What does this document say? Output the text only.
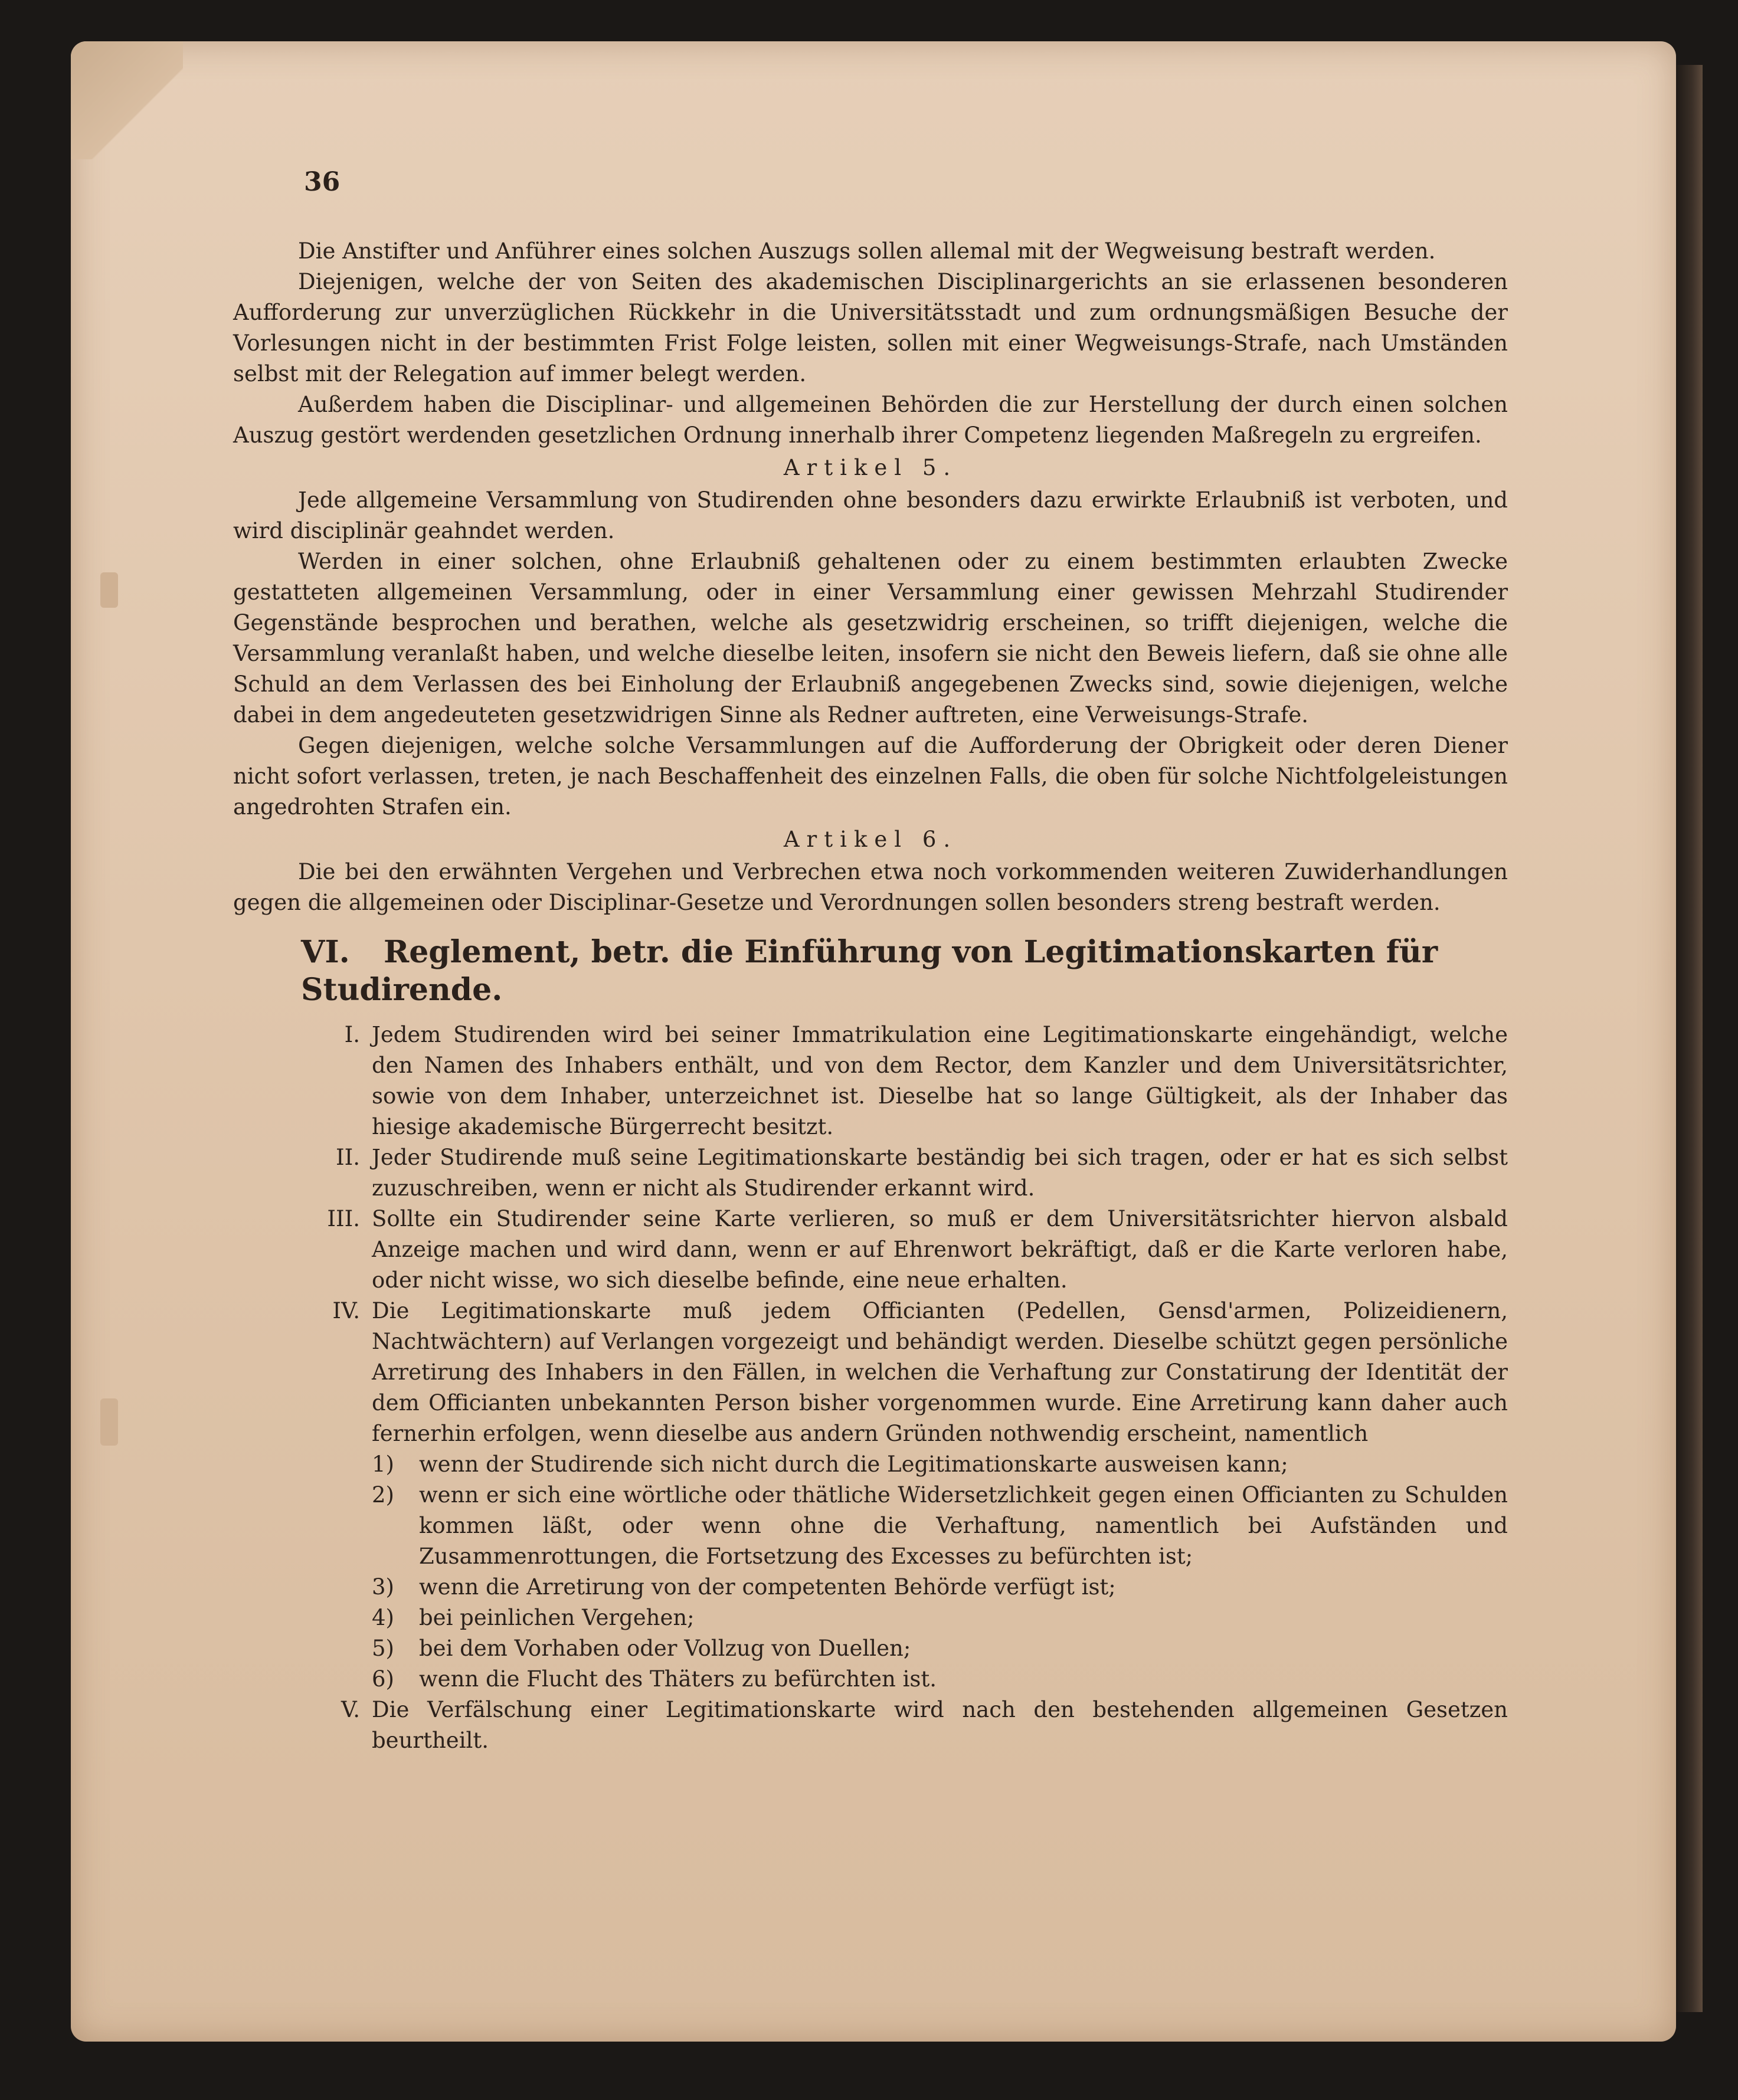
36

Die Anstifter und Anführer eines solchen Auszugs sollen allemal mit der Wegweisung bestraft werden.

Diejenigen, welche der von Seiten des akademischen Disciplinargerichts an sie erlassenen besonderen Aufforderung zur unverzüglichen Rückkehr in die Universitätsstadt und zum ordnungsmäßigen Besuche der Vorlesungen nicht in der bestimmten Frist Folge leisten, sollen mit einer Wegweisungs-Strafe, nach Umständen selbst mit der Relegation auf immer belegt werden.

Außerdem haben die Disciplinar- und allgemeinen Behörden die zur Herstellung der durch einen solchen Auszug gestört werdenden gesetzlichen Ordnung innerhalb ihrer Competenz liegenden Maßregeln zu ergreifen.

Artikel 5.

Jede allgemeine Versammlung von Studirenden ohne besonders dazu erwirkte Erlaubniß ist verboten, und wird disciplinär geahndet werden.

Werden in einer solchen, ohne Erlaubniß gehaltenen oder zu einem bestimmten erlaubten Zwecke gestatteten allgemeinen Versammlung, oder in einer Versammlung einer gewissen Mehrzahl Studirender Gegenstände besprochen und berathen, welche als gesetzwidrig erscheinen, so trifft diejenigen, welche die Versammlung veranlaßt haben, und welche dieselbe leiten, insofern sie nicht den Beweis liefern, daß sie ohne alle Schuld an dem Verlassen des bei Einholung der Erlaubniß angegebenen Zwecks sind, sowie diejenigen, welche dabei in dem angedeuteten gesetzwidrigen Sinne als Redner auftreten, eine Verweisungs-Strafe.

Gegen diejenigen, welche solche Versammlungen auf die Aufforderung der Obrigkeit oder deren Diener nicht sofort verlassen, treten, je nach Beschaffenheit des einzelnen Falls, die oben für solche Nichtfolgeleistungen angedrohten Strafen ein.

Artikel 6.

Die bei den erwähnten Vergehen und Verbrechen etwa noch vorkommenden weiteren Zuwiderhandlungen gegen die allgemeinen oder Disciplinar-Gesetze und Verordnungen sollen besonders streng bestraft werden.

VI. Reglement, betr. die Einführung von Legitimationskarten für Studirende.
I. Jedem Studirenden wird bei seiner Immatrikulation eine Legitimationskarte eingehändigt, welche den Namen des Inhabers enthält, und von dem Rector, dem Kanzler und dem Universitätsrichter, sowie von dem Inhaber, unterzeichnet ist. Dieselbe hat so lange Gültigkeit, als der Inhaber das hiesige akademische Bürgerrecht besitzt.
II. Jeder Studirende muß seine Legitimationskarte beständig bei sich tragen, oder er hat es sich selbst zuzuschreiben, wenn er nicht als Studirender erkannt wird.
III. Sollte ein Studirender seine Karte verlieren, so muß er dem Universitätsrichter hiervon alsbald Anzeige machen und wird dann, wenn er auf Ehrenwort bekräftigt, daß er die Karte verloren habe, oder nicht wisse, wo sich dieselbe befinde, eine neue erhalten.
IV. Die Legitimationskarte muß jedem Officianten (Pedellen, Gensd'armen, Polizeidienern, Nachtwächtern) auf Verlangen vorgezeigt und behändigt werden. Dieselbe schützt gegen persönliche Arretirung des Inhabers in den Fällen, in welchen die Verhaftung zur Constatirung der Identität der dem Officianten unbekannten Person bisher vorgenommen wurde. Eine Arretirung kann daher auch fernerhin erfolgen, wenn dieselbe aus andern Gründen nothwendig erscheint, namentlich
1)	wenn der Studirende sich nicht durch die Legitimationskarte ausweisen kann;
2)	wenn er sich eine wörtliche oder thätliche Widersetzlichkeit gegen einen Officianten zu Schulden kommen läßt, oder wenn ohne die Verhaftung, namentlich bei Aufständen und Zusammenrottungen, die Fortsetzung des Excesses zu befürchten ist;
3)	wenn die Arretirung von der competenten Behörde verfügt ist;
4)	bei peinlichen Vergehen;
5)	bei dem Vorhaben oder Vollzug von Duellen;
6)	wenn die Flucht des Thäters zu befürchten ist.
V. Die Verfälschung einer Legitimationskarte wird nach den bestehenden allgemeinen Gesetzen beurtheilt.
